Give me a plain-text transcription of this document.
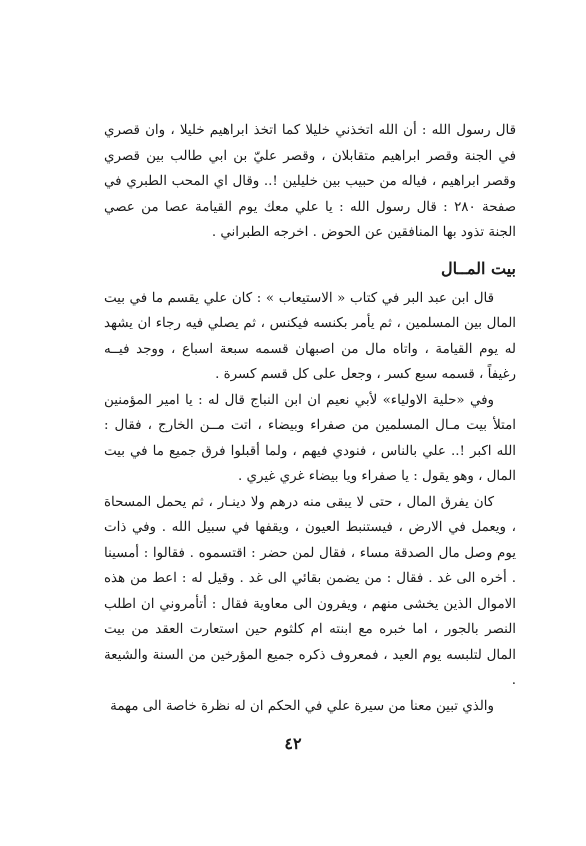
قال رسول الله : أن الله اتخذني خليلا كما اتخذ ابراهيم خليلا ، وان قصري في الجنة وقصر ابراهيم متقابلان ، وقصر عليّ بن ابي طالب بين قصري وقصر ابراهيم ، فياله من حبيب بين خليلين !.. وقال اي المحب الطبري في صفحة ٢٨٠ : قال رسول الله : يا علي معك يوم القيامة عصا من عصي الجنة تذود بها المنافقين عن الحوض . اخرجه الطبراني .

بيت المــال

قال ابن عبد البر في كتاب « الاستيعاب » : كان علي يقسم ما في بيت المال بين المسلمين ، ثم يأمر بكنسه فيكنس ، ثم يصلي فيه رجاء ان يشهد له يوم القيامة ، واتاه مال من اصبهان قسمه سبعة اسباع ، ووجد فيــه رغيفاً ، قسمه سبع كسر ، وجعل على كل قسم كسرة .

وفي «حلية الاولياء» لأبي نعيم ان ابن النباج قال له : يا امير المؤمنين امتلأ بيت مـال المسلمين من صفراء وبيضاء ، اتت مــن الخارج ، فقال : الله اكبر !.. علي بالناس ، فنودي فيهم ، ولما أقبلوا فرق جميع ما في بيت المال ، وهو يقول : يا صفراء ويا بيضاء غري غيري .

كان يفرق المال ، حتى لا يبقى منه درهم ولا دينـار ، ثم يحمل المسحاة ، ويعمل في الارض ، فيستنبط العيون ، ويقفها في سبيل الله . وفي ذات يوم وصل مال الصدقة مساء ، فقال لمن حضر : اقتسموه . فقالوا : أمسينا . أخره الى غد . فقال : من يضمن بقائي الى غد . وقيل له : اعط من هذه الاموال الذين يخشى منهم ، ويفرون الى معاوية فقال : أتأمروني ان اطلب النصر بالجور ، اما خبره مع ابنته ام كلثوم حين استعارت العقد من بيت المال لتلبسه يوم العيد ، فمعروف ذكره جميع المؤرخين من السنة والشيعة .

والذي تبين معنا من سيرة علي في الحكم ان له نظرة خاصة الى مهمة

٤٢
